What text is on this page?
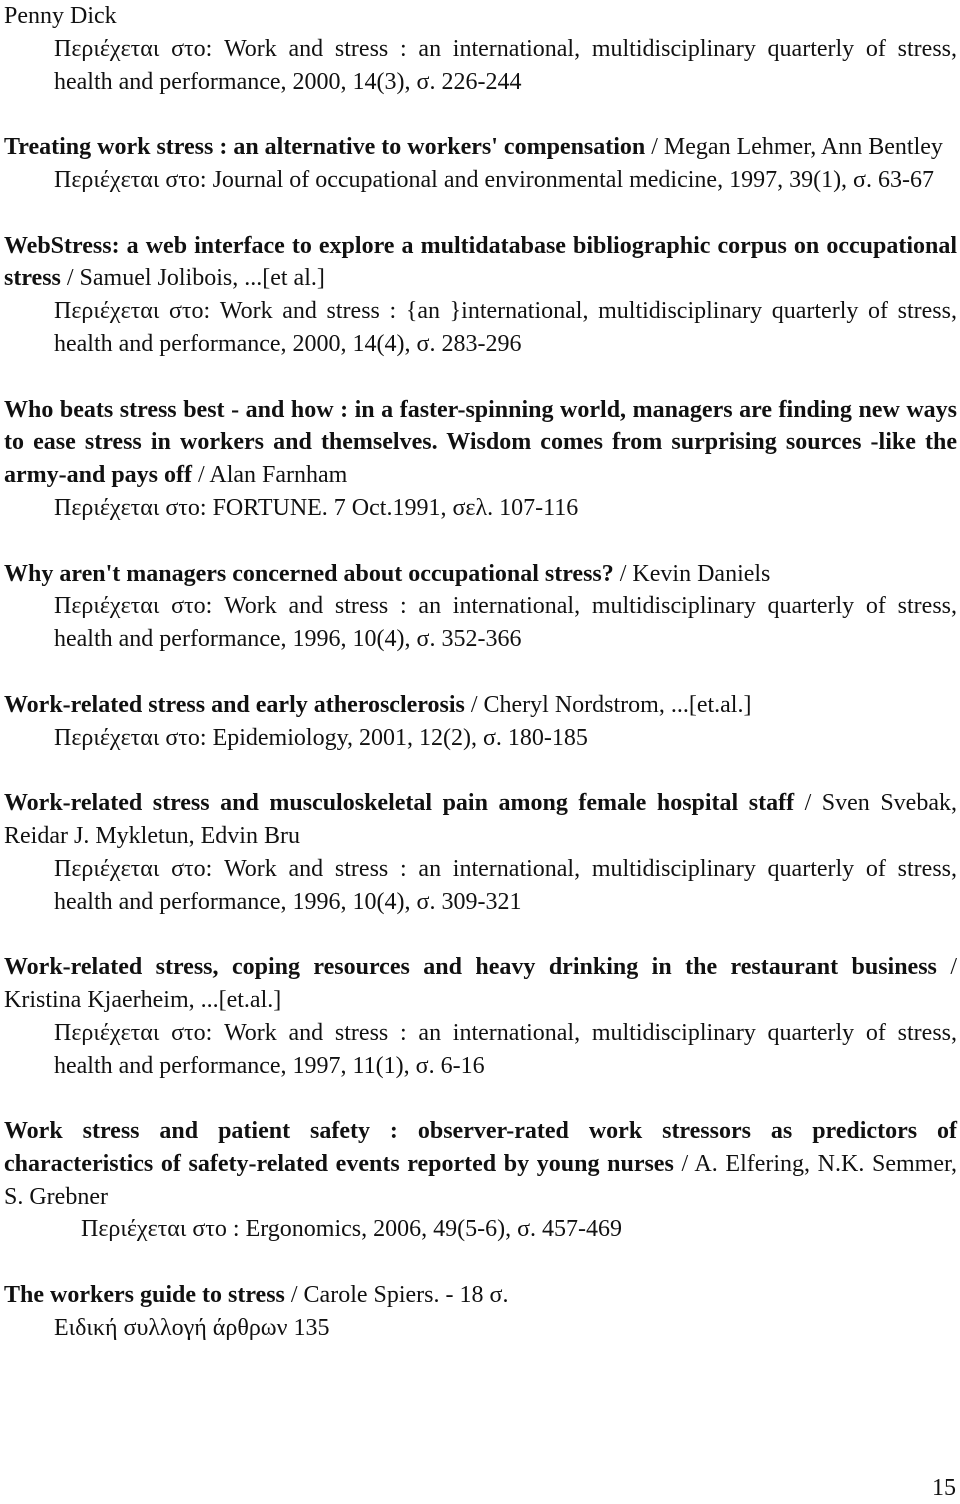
Penny Dick
Περιέχεται στο: Work and stress : an international, multidisciplinary quarterly of stress, health and performance, 2000, 14(3), σ. 226-244
Treating work stress : an alternative to workers' compensation / Megan Lehmer, Ann Bentley
Περιέχεται στο: Journal of occupational and environmental medicine, 1997, 39(1), σ. 63-67
WebStress: a web interface to explore a multidatabase bibliographic corpus on occupational stress / Samuel Jolibois, ...[et al.]
Περιέχεται στο: Work and stress : {an }international, multidisciplinary quarterly of stress, health and performance, 2000, 14(4), σ. 283-296
Who beats stress best - and how : in a faster-spinning world, managers are finding new ways to ease stress in workers and themselves. Wisdom comes from surprising sources -like the army-and pays off / Alan Farnham
Περιέχεται στο: FORTUNE. 7 Oct.1991, σελ. 107-116
Why aren't managers concerned about occupational stress? / Kevin Daniels
Περιέχεται στο: Work and stress : an international, multidisciplinary quarterly of stress, health and performance, 1996, 10(4), σ. 352-366
Work-related stress and early atherosclerosis / Cheryl Nordstrom, ...[et.al.]
Περιέχεται στο: Epidemiology, 2001, 12(2), σ. 180-185
Work-related stress and musculoskeletal pain among female hospital staff / Sven Svebak, Reidar J. Mykletun, Edvin Bru
Περιέχεται στο: Work and stress : an international, multidisciplinary quarterly of stress, health and performance, 1996, 10(4), σ. 309-321
Work-related stress, coping resources and heavy drinking in the restaurant business / Kristina Kjaerheim, ...[et.al.]
Περιέχεται στο: Work and stress : an international, multidisciplinary quarterly of stress, health and performance, 1997, 11(1), σ. 6-16
Work stress and patient safety : observer-rated work stressors as predictors of characteristics of safety-related events reported by young nurses / A. Elfering, N.K. Semmer, S. Grebner
Περιέχεται στο : Ergonomics, 2006, 49(5-6), σ. 457-469
The workers guide to stress / Carole Spiers. - 18 σ.
Ειδική συλλογή άρθρων 135
15
